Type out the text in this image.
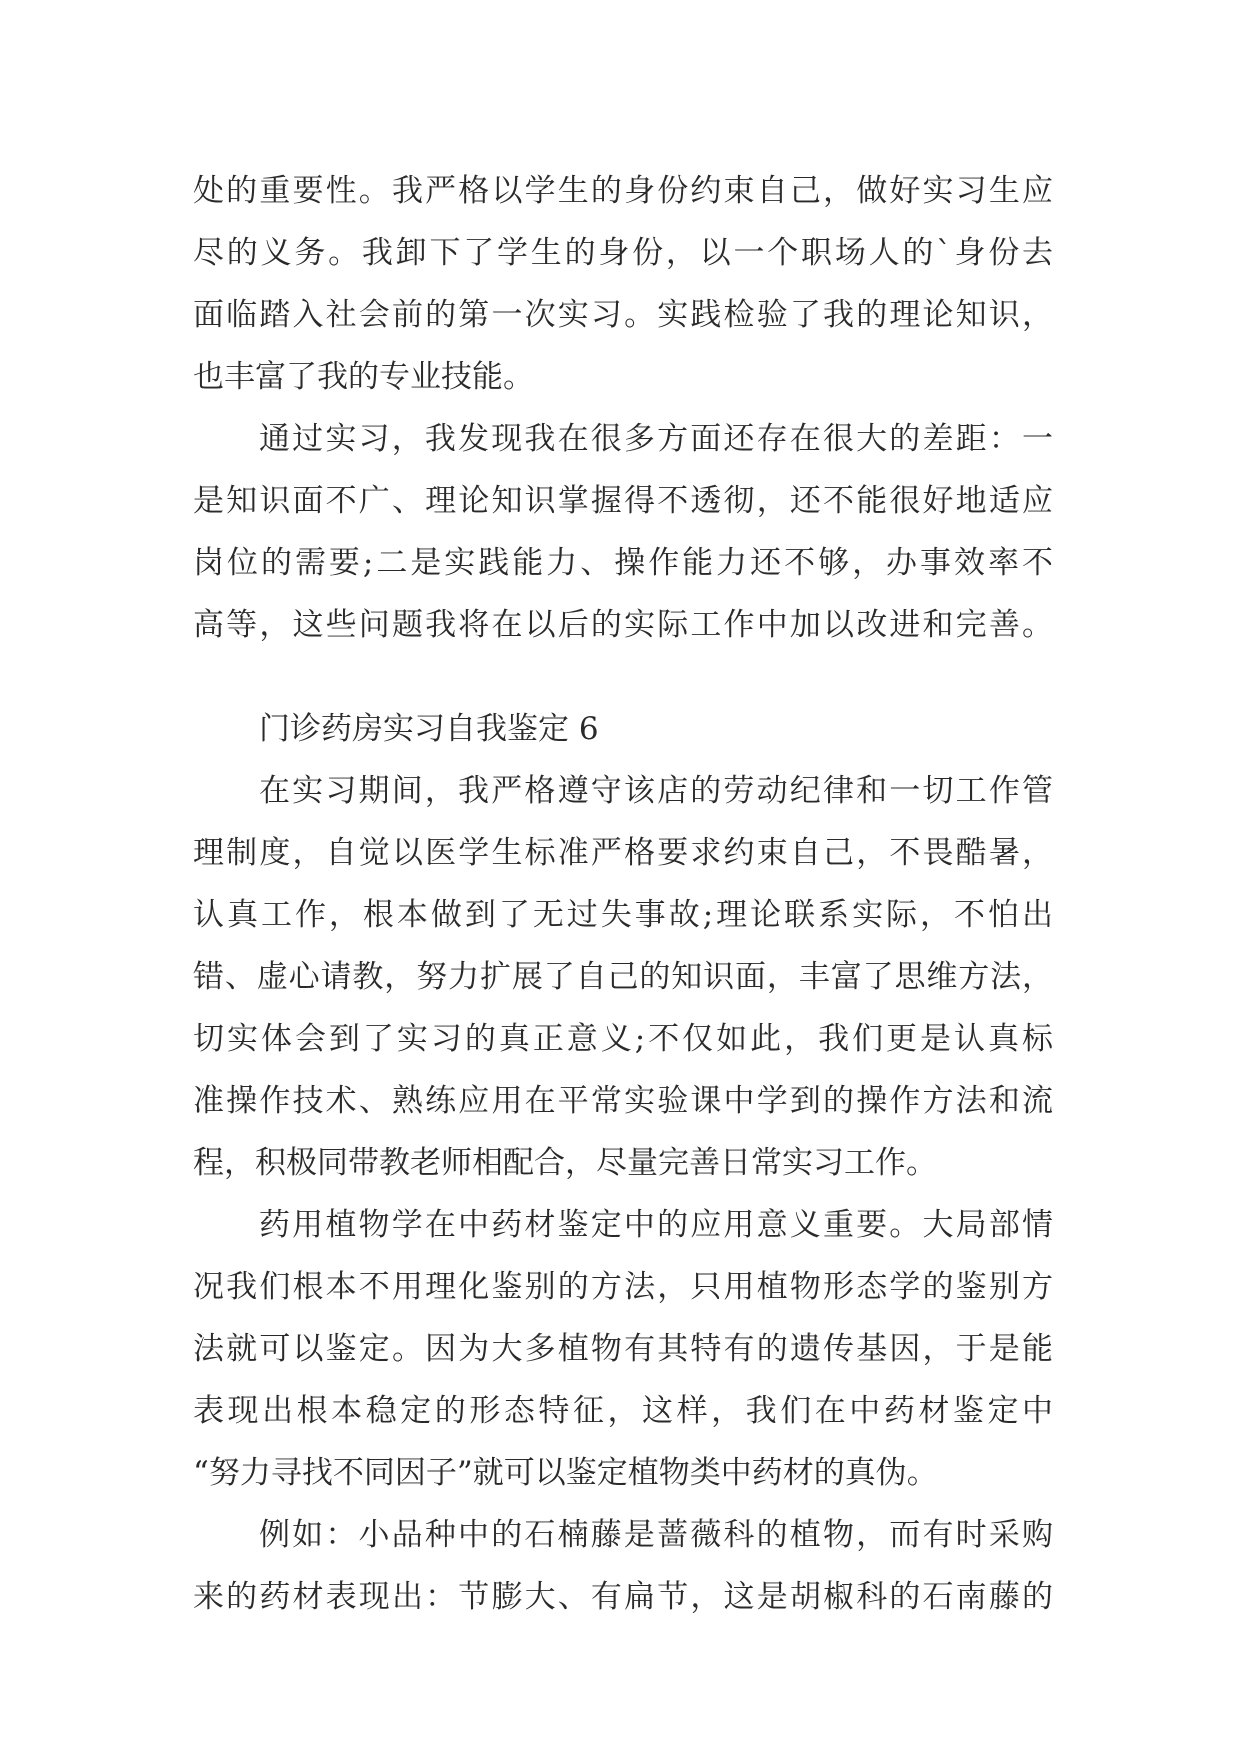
处的重要性。我严格以学生的身份约束自己，做好实习生应
尽的义务。我卸下了学生的身份，以一个职场人的`身份去
面临踏入社会前的第一次实习。实践检验了我的理论知识，
也丰富了我的专业技能。
通过实习，我发现我在很多方面还存在很大的差距：一
是知识面不广、理论知识掌握得不透彻，还不能很好地适应
岗位的需要;二是实践能力、操作能力还不够，办事效率不
高等，这些问题我将在以后的实际工作中加以改进和完善。
门诊药房实习自我鉴定 6
在实习期间，我严格遵守该店的劳动纪律和一切工作管
理制度，自觉以医学生标准严格要求约束自己，不畏酷暑，
认真工作，根本做到了无过失事故;理论联系实际，不怕出
错、虚心请教，努力扩展了自己的知识面，丰富了思维方法，
切实体会到了实习的真正意义;不仅如此，我们更是认真标
准操作技术、熟练应用在平常实验课中学到的操作方法和流
程，积极同带教老师相配合，尽量完善日常实习工作。
药用植物学在中药材鉴定中的应用意义重要。大局部情
况我们根本不用理化鉴别的方法，只用植物形态学的鉴别方
法就可以鉴定。因为大多植物有其特有的遗传基因，于是能
表现出根本稳定的形态特征，这样，我们在中药材鉴定中
“努力寻找不同因子”就可以鉴定植物类中药材的真伪。
例如：小品种中的石楠藤是蔷薇科的植物，而有时采购
来的药材表现出：节膨大、有扁节，这是胡椒科的石南藤的
